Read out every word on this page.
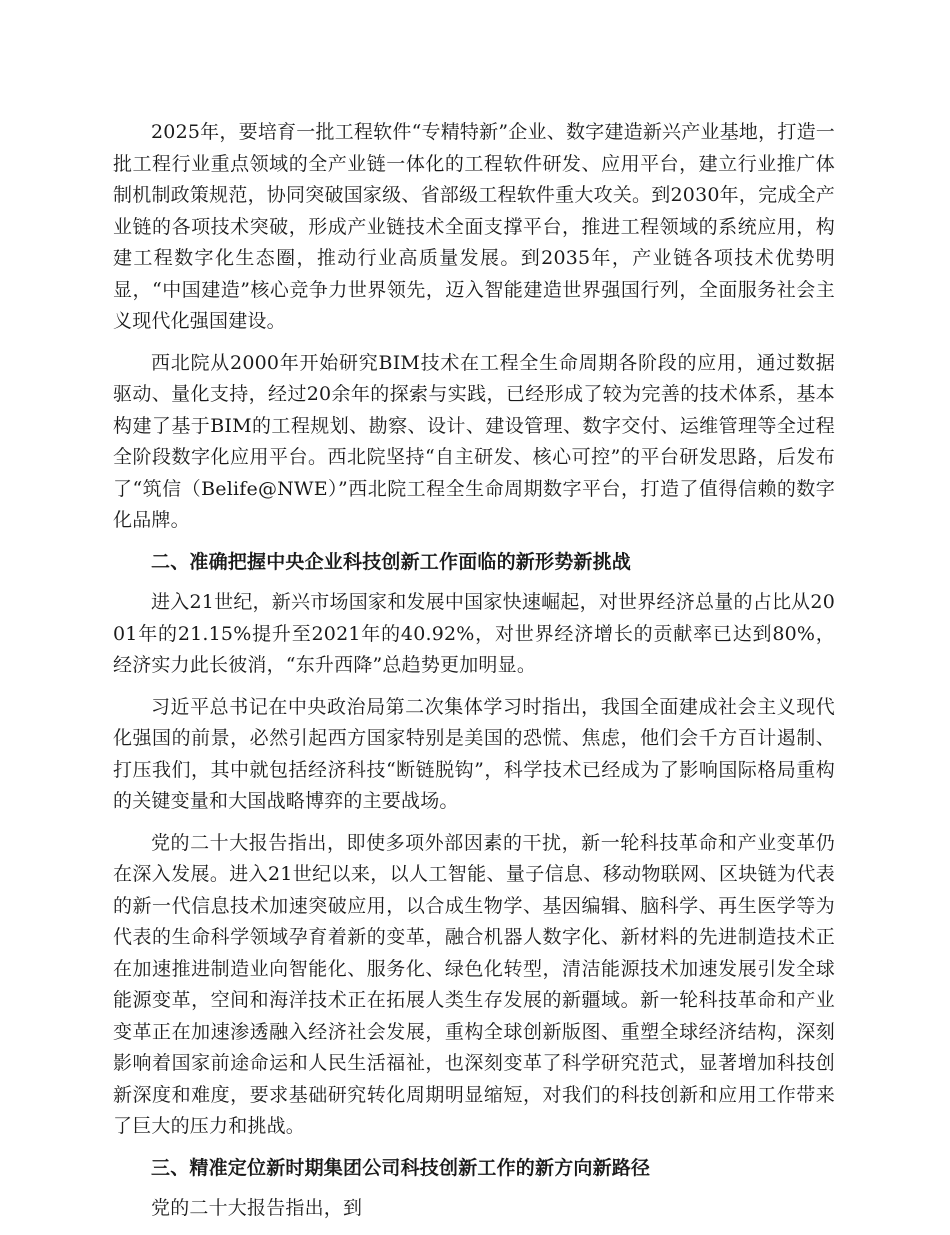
2025年，要培育一批工程软件“专精特新”企业、数字建造新兴产业基地，打造一批工程行业重点领域的全产业链一体化的工程软件研发、应用平台，建立行业推广体制机制政策规范，协同突破国家级、省部级工程软件重大攻关。到2030年，完成全产业链的各项技术突破，形成产业链技术全面支撑平台，推进工程领域的系统应用，构建工程数字化生态圈，推动行业高质量发展。到2035年，产业链各项技术优势明显，“中国建造”核心竞争力世界领先，迈入智能建造世界强国行列，全面服务社会主义现代化强国建设。

西北院从2000年开始研究BIM技术在工程全生命周期各阶段的应用，通过数据驱动、量化支持，经过20余年的探索与实践，已经形成了较为完善的技术体系，基本构建了基于BIM的工程规划、勘察、设计、建设管理、数字交付、运维管理等全过程全阶段数字化应用平台。西北院坚持“自主研发、核心可控”的平台研发思路，后发布了“筑信（Belife@NWE）”西北院工程全生命周期数字平台，打造了值得信赖的数字化品牌。

二、准确把握中央企业科技创新工作面临的新形势新挑战

进入21世纪，新兴市场国家和发展中国家快速崛起，对世界经济总量的占比从2001年的21.15%提升至2021年的40.92%，对世界经济增长的贡献率已达到80%，经济实力此长彼消，“东升西降”总趋势更加明显。

习近平总书记在中央政治局第二次集体学习时指出，我国全面建成社会主义现代化强国的前景，必然引起西方国家特别是美国的恐慌、焦虑，他们会千方百计遏制、打压我们，其中就包括经济科技“断链脱钩”，科学技术已经成为了影响国际格局重构的关键变量和大国战略博弈的主要战场。

党的二十大报告指出，即使多项外部因素的干扰，新一轮科技革命和产业变革仍在深入发展。进入21世纪以来，以人工智能、量子信息、移动物联网、区块链为代表的新一代信息技术加速突破应用，以合成生物学、基因编辑、脑科学、再生医学等为代表的生命科学领域孕育着新的变革，融合机器人数字化、新材料的先进制造技术正在加速推进制造业向智能化、服务化、绿色化转型，清洁能源技术加速发展引发全球能源变革，空间和海洋技术正在拓展人类生存发展的新疆域。新一轮科技革命和产业变革正在加速渗透融入经济社会发展，重构全球创新版图、重塑全球经济结构，深刻影响着国家前途命运和人民生活福祉，也深刻变革了科学研究范式，显著增加科技创新深度和难度，要求基础研究转化周期明显缩短，对我们的科技创新和应用工作带来了巨大的压力和挑战。

三、精准定位新时期集团公司科技创新工作的新方向新路径

党的二十大报告指出，到
